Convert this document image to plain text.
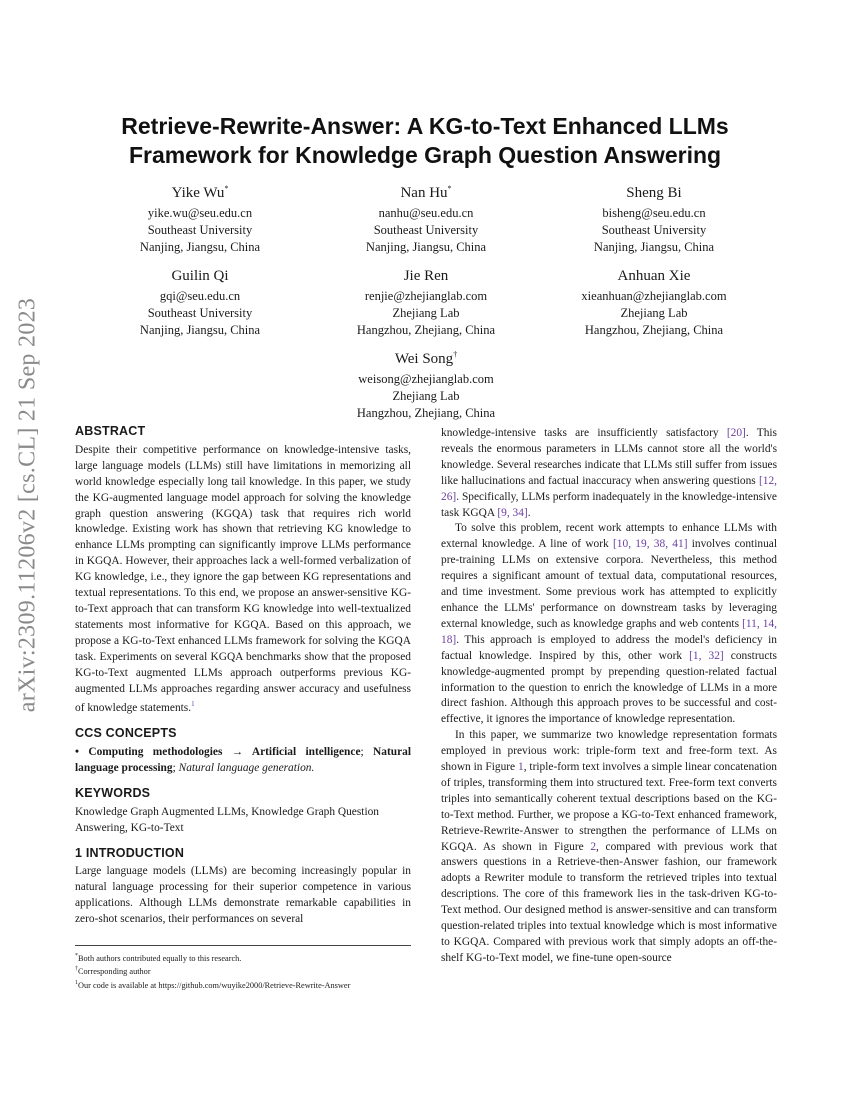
arXiv:2309.11206v2 [cs.CL] 21 Sep 2023
Retrieve-Rewrite-Answer: A KG-to-Text Enhanced LLMs
Framework for Knowledge Graph Question Answering
Yike Wu*
yike.wu@seu.edu.cn
Southeast University
Nanjing, Jiangsu, China
Nan Hu*
nanhu@seu.edu.cn
Southeast University
Nanjing, Jiangsu, China
Sheng Bi
bisheng@seu.edu.cn
Southeast University
Nanjing, Jiangsu, China
Guilin Qi
gqi@seu.edu.cn
Southeast University
Nanjing, Jiangsu, China
Jie Ren
renjie@zhejianglab.com
Zhejiang Lab
Hangzhou, Zhejiang, China
Anhuan Xie
xieanhuan@zhejianglab.com
Zhejiang Lab
Hangzhou, Zhejiang, China
Wei Song†
weisong@zhejianglab.com
Zhejiang Lab
Hangzhou, Zhejiang, China
ABSTRACT

Despite their competitive performance on knowledge-intensive tasks, large language models (LLMs) still have limitations in memorizing all world knowledge especially long tail knowledge. In this paper, we study the KG-augmented language model approach for solving the knowledge graph question answering (KGQA) task that requires rich world knowledge. Existing work has shown that retrieving KG knowledge to enhance LLMs prompting can significantly improve LLMs performance in KGQA. However, their approaches lack a well-formed verbalization of KG knowledge, i.e., they ignore the gap between KG representations and textual representations. To this end, we propose an answer-sensitive KG-to-Text approach that can transform KG knowledge into well-textualized statements most informative for KGQA. Based on this approach, we propose a KG-to-Text enhanced LLMs framework for solving the KGQA task. Experiments on several KGQA benchmarks show that the proposed KG-to-Text augmented LLMs approach outperforms previous KG-augmented LLMs approaches regarding answer accuracy and usefulness of knowledge statements.$^1$

CCS CONCEPTS

• Computing methodologies → Artificial intelligence; Natural language processing; Natural language generation.

KEYWORDS

Knowledge Graph Augmented LLMs, Knowledge Graph Question Answering, KG-to-Text

1 INTRODUCTION

Large language models (LLMs) are becoming increasingly popular in natural language processing for their superior competence in various applications. Although LLMs demonstrate remarkable capabilities in zero-shot scenarios, their performances on several

*Both authors contributed equally to this research.
†Corresponding author
$^1$Our code is available at https://github.com/wuyike2000/Retrieve-Rewrite-Answer

knowledge-intensive tasks are insufficiently satisfactory [20]. This reveals the enormous parameters in LLMs cannot store all the world's knowledge. Several researches indicate that LLMs still suffer from issues like hallucinations and factual inaccuracy when answering questions [12, 26]. Specifically, LLMs perform inadequately in the knowledge-intensive task KGQA [9, 34].

To solve this problem, recent work attempts to enhance LLMs with external knowledge. A line of work [10, 19, 38, 41] involves continual pre-training LLMs on extensive corpora. Nevertheless, this method requires a significant amount of textual data, computational resources, and time investment. Some previous work has attempted to explicitly enhance the LLMs' performance on downstream tasks by leveraging external knowledge, such as knowledge graphs and web contents [11, 14, 18]. This approach is employed to address the model's deficiency in factual knowledge. Inspired by this, other work [1, 32] constructs knowledge-augmented prompt by prepending question-related factual information to the question to enrich the knowledge of LLMs in a more direct fashion. Although this approach proves to be successful and cost-effective, it ignores the importance of knowledge representation.

In this paper, we summarize two knowledge representation formats employed in previous work: triple-form text and free-form text. As shown in Figure 1, triple-form text involves a simple linear concatenation of triples, transforming them into structured text. Free-form text converts triples into semantically coherent textual descriptions based on the KG-to-Text method. Further, we propose a KG-to-Text enhanced framework, Retrieve-Rewrite-Answer to strengthen the performance of LLMs on KGQA. As shown in Figure 2, compared with previous work that answers questions in a Retrieve-then-Answer fashion, our framework adopts a Rewriter module to transform the retrieved triples into textual descriptions. The core of this framework lies in the task-driven KG-to-Text method. Our designed method is answer-sensitive and can transform question-related triples into textual knowledge which is most informative to KGQA. Compared with previous work that simply adopts an off-the-shelf KG-to-Text model, we fine-tune open-source
